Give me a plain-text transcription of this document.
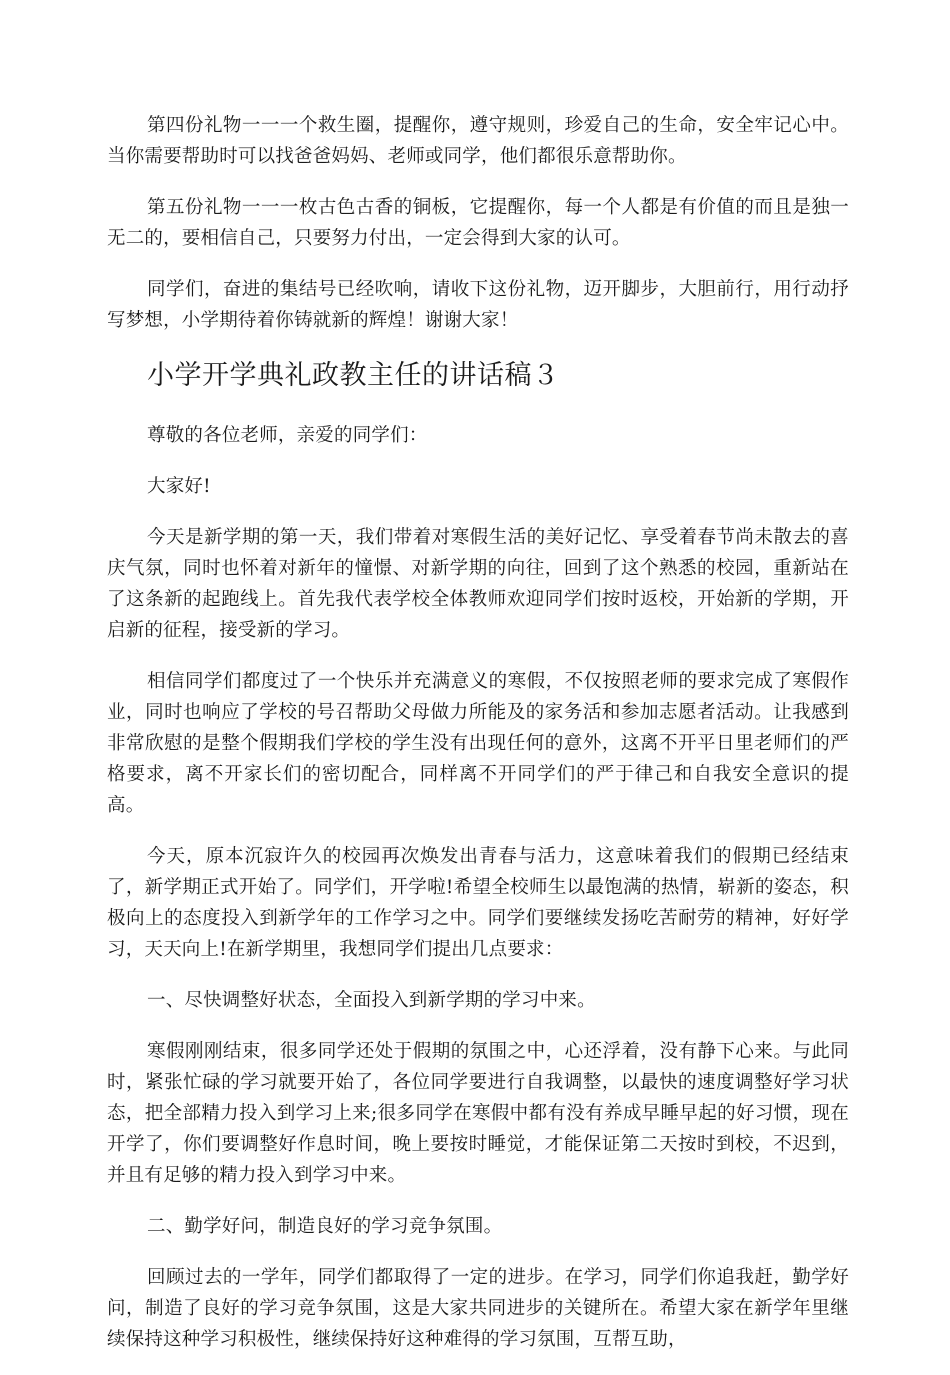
第四份礼物一一一个救生圈，提醒你，遵守规则，珍爱自己的生命，安全牢记心中。当你需要帮助时可以找爸爸妈妈、老师或同学，他们都很乐意帮助你。

第五份礼物一一一枚古色古香的铜板，它提醒你，每一个人都是有价值的而且是独一无二的，要相信自己，只要努力付出，一定会得到大家的认可。

同学们，奋进的集结号已经吹响，请收下这份礼物，迈开脚步，大胆前行，用行动抒写梦想，小学期待着你铸就新的辉煌！谢谢大家！

小学开学典礼政教主任的讲话稿３

尊敬的各位老师，亲爱的同学们：

大家好!

今天是新学期的第一天，我们带着对寒假生活的美好记忆、享受着春节尚未散去的喜庆气氛，同时也怀着对新年的憧憬、对新学期的向往，回到了这个熟悉的校园，重新站在了这条新的起跑线上。首先我代表学校全体教师欢迎同学们按时返校，开始新的学期，开启新的征程，接受新的学习。

相信同学们都度过了一个快乐并充满意义的寒假，不仅按照老师的要求完成了寒假作业，同时也响应了学校的号召帮助父母做力所能及的家务活和参加志愿者活动。让我感到非常欣慰的是整个假期我们学校的学生没有出现任何的意外，这离不开平日里老师们的严格要求，离不开家长们的密切配合，同样离不开同学们的严于律己和自我安全意识的提高。

今天，原本沉寂许久的校园再次焕发出青春与活力，这意味着我们的假期已经结束了，新学期正式开始了。同学们，开学啦!希望全校师生以最饱满的热情，崭新的姿态，积极向上的态度投入到新学年的工作学习之中。同学们要继续发扬吃苦耐劳的精神，好好学习，天天向上!在新学期里，我想同学们提出几点要求：

一、尽快调整好状态，全面投入到新学期的学习中来。

寒假刚刚结束，很多同学还处于假期的氛围之中，心还浮着，没有静下心来。与此同时，紧张忙碌的学习就要开始了，各位同学要进行自我调整，以最快的速度调整好学习状态，把全部精力投入到学习上来;很多同学在寒假中都有没有养成早睡早起的好习惯，现在开学了，你们要调整好作息时间，晚上要按时睡觉，才能保证第二天按时到校，不迟到，并且有足够的精力投入到学习中来。

二、勤学好问，制造良好的学习竞争氛围。

回顾过去的一学年，同学们都取得了一定的进步。在学习，同学们你追我赶，勤学好问，制造了良好的学习竞争氛围，这是大家共同进步的关键所在。希望大家在新学年里继续保持这种学习积极性，继续保持好这种难得的学习氛围，互帮互助，
